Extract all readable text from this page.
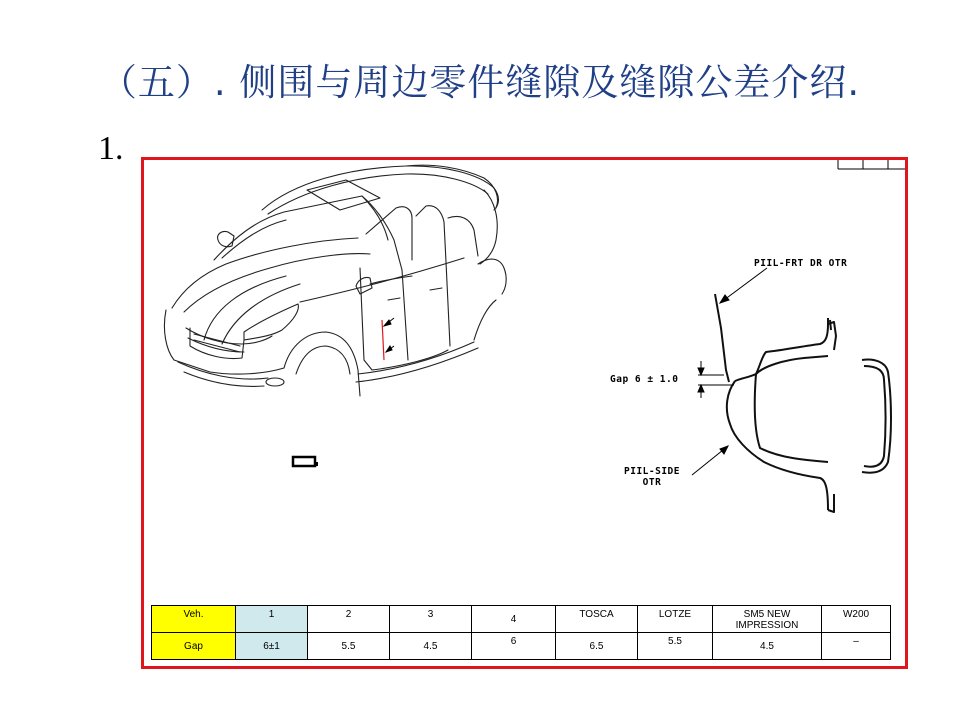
（五）. 侧围与周边零件缝隙及缝隙公差介绍.
1.
PIIL-FRT DR OTR
Gap 6 ± 1.0
PIIL-SIDE
OTR
Veh.	1	2	3	4	TOSCA	LOTZE	SM5 NEW IMPRESSION	W200
Gap	6±1	5.5	4.5	6	6.5	5.5	4.5	–
